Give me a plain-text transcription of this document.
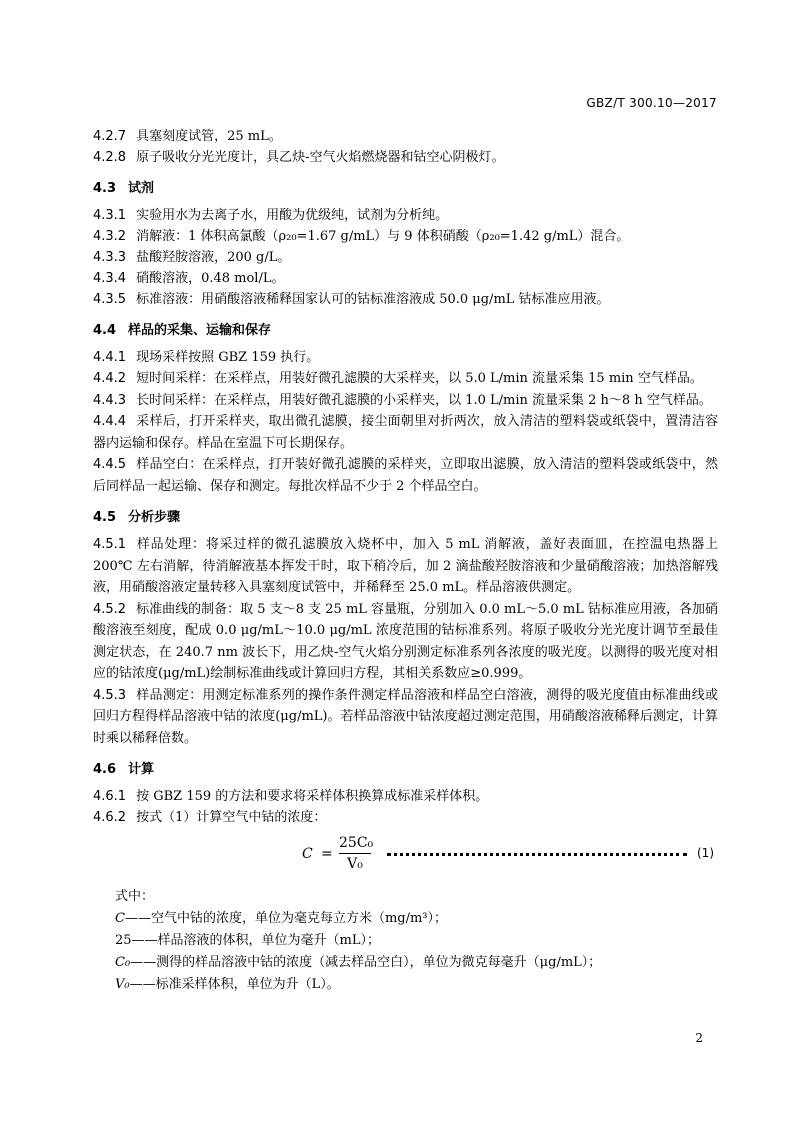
GBZ/T 300.10—2017
4.2.7 具塞刻度试管，25 mL。
4.2.8 原子吸收分光光度计，具乙炔-空气火焰燃烧器和钴空心阴极灯。
4.3 试剂
4.3.1 实验用水为去离子水，用酸为优级纯，试剂为分析纯。
4.3.2 消解液：1 体积高氯酸（ρ₂₀=1.67 g/mL）与 9 体积硝酸（ρ₂₀=1.42 g/mL）混合。
4.3.3 盐酸羟胺溶液，200 g/L。
4.3.4 硝酸溶液，0.48 mol/L。
4.3.5 标准溶液：用硝酸溶液稀释国家认可的钴标准溶液成 50.0 μg/mL 钴标准应用液。
4.4 样品的采集、运输和保存
4.4.1 现场采样按照 GBZ 159 执行。
4.4.2 短时间采样：在采样点，用装好微孔滤膜的大采样夹，以 5.0 L/min 流量采集 15 min 空气样品。
4.4.3 长时间采样：在采样点，用装好微孔滤膜的小采样夹，以 1.0 L/min 流量采集 2 h～8 h 空气样品。
4.4.4 采样后，打开采样夹，取出微孔滤膜，接尘面朝里对折两次，放入清洁的塑料袋或纸袋中，置清洁容器内运输和保存。样品在室温下可长期保存。
4.4.5 样品空白：在采样点，打开装好微孔滤膜的采样夹，立即取出滤膜，放入清洁的塑料袋或纸袋中，然后同样品一起运输、保存和测定。每批次样品不少于 2 个样品空白。
4.5 分析步骤
4.5.1 样品处理：将采过样的微孔滤膜放入烧杯中，加入 5 mL 消解液，盖好表面皿，在控温电热器上 200℃ 左右消解，待消解液基本挥发干时，取下稍冷后，加 2 滴盐酸羟胺溶液和少量硝酸溶液；加热溶解残液，用硝酸溶液定量转移入具塞刻度试管中，并稀释至 25.0 mL。样品溶液供测定。
4.5.2 标准曲线的制备：取 5 支～8 支 25 mL 容量瓶，分别加入 0.0 mL～5.0 mL 钴标准应用液，各加硝酸溶液至刻度，配成 0.0 μg/mL～10.0 μg/mL 浓度范围的钴标准系列。将原子吸收分光光度计调节至最佳测定状态，在 240.7 nm 波长下，用乙炔-空气火焰分别测定标准系列各浓度的吸光度。以测得的吸光度对相应的钴浓度(μg/mL)绘制标准曲线或计算回归方程，其相关系数应≥0.999。
4.5.3 样品测定：用测定标准系列的操作条件测定样品溶液和样品空白溶液，测得的吸光度值由标准曲线或回归方程得样品溶液中钴的浓度(μg/mL)。若样品溶液中钴浓度超过测定范围，用硝酸溶液稀释后测定，计算时乘以稀释倍数。
4.6 计算
4.6.1 按 GBZ 159 的方法和要求将采样体积换算成标准采样体积。
4.6.2 按式（1）计算空气中钴的浓度：
$C = \frac{\text{25C₀}}{\text{V₀}}$	(1)
式中：
C——空气中钴的浓度，单位为毫克每立方米（mg/m³）；
25——样品溶液的体积，单位为毫升（mL）；
C₀——测得的样品溶液中钴的浓度（减去样品空白），单位为微克每毫升（μg/mL）；
V₀——标准采样体积，单位为升（L）。
2
